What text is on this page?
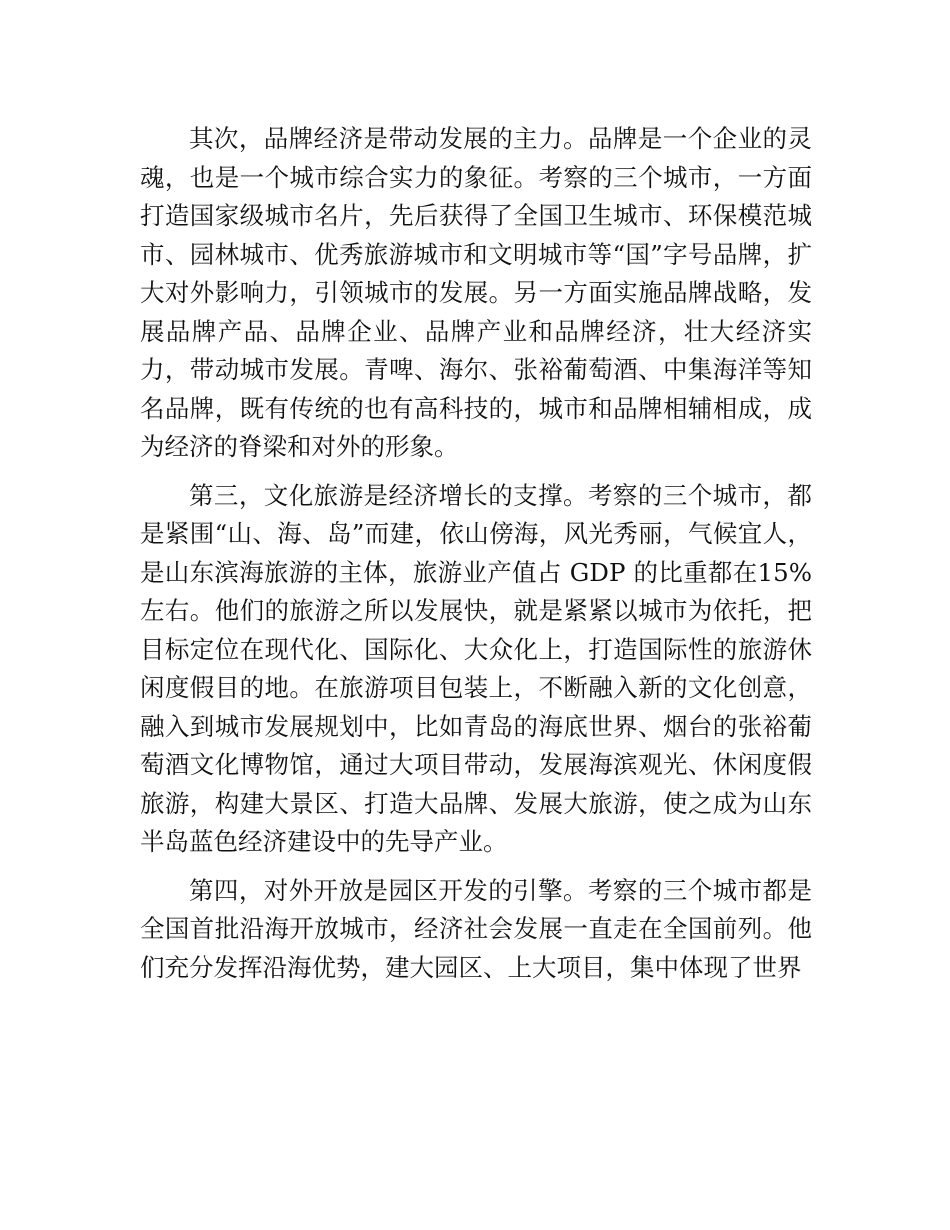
其次，品牌经济是带动发展的主力。品牌是一个企业的灵魂，也是一个城市综合实力的象征。考察的三个城市，一方面打造国家级城市名片，先后获得了全国卫生城市、环保模范城市、园林城市、优秀旅游城市和文明城市等“国”字号品牌，扩大对外影响力，引领城市的发展。另一方面实施品牌战略，发展品牌产品、品牌企业、品牌产业和品牌经济，壮大经济实力，带动城市发展。青啤、海尔、张裕葡萄酒、中集海洋等知名品牌，既有传统的也有高科技的，城市和品牌相辅相成，成为经济的脊梁和对外的形象。

第三，文化旅游是经济增长的支撑。考察的三个城市，都是紧围“山、海、岛”而建，依山傍海，风光秀丽，气候宜人，是山东滨海旅游的主体，旅游业产值占 GDP 的比重都在15%左右。他们的旅游之所以发展快，就是紧紧以城市为依托，把目标定位在现代化、国际化、大众化上，打造国际性的旅游休闲度假目的地。在旅游项目包装上，不断融入新的文化创意，融入到城市发展规划中，比如青岛的海底世界、烟台的张裕葡萄酒文化博物馆，通过大项目带动，发展海滨观光、休闲度假旅游，构建大景区、打造大品牌、发展大旅游，使之成为山东半岛蓝色经济建设中的先导产业。

第四，对外开放是园区开发的引擎。考察的三个城市都是全国首批沿海开放城市，经济社会发展一直走在全国前列。他们充分发挥沿海优势，建大园区、上大项目，集中体现了世界
